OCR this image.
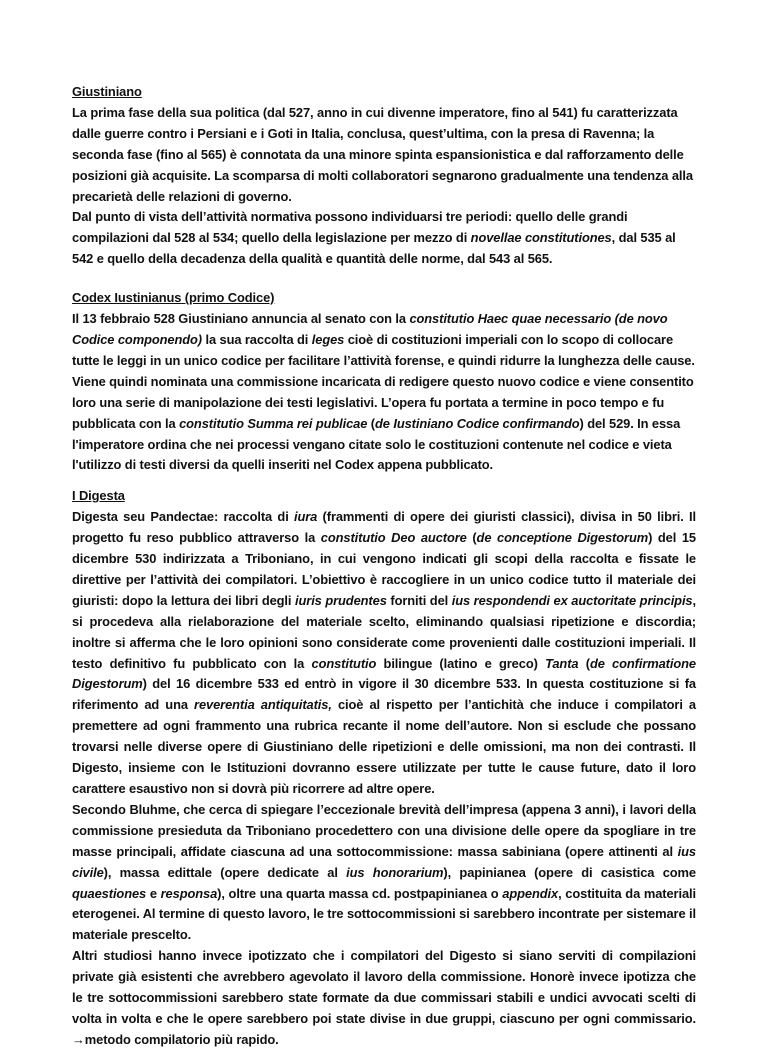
Giustiniano

La prima fase della sua politica (dal 527, anno in cui divenne imperatore, fino al 541) fu caratterizzata dalle guerre contro i Persiani e i Goti in Italia, conclusa, quest’ultima, con la presa di Ravenna; la seconda fase (fino al 565) è connotata da una minore spinta espansionistica e dal rafforzamento delle posizioni già acquisite. La scomparsa di molti collaboratori segnarono gradualmente una tendenza alla precarietà delle relazioni di governo.

Dal punto di vista dell’attività normativa possono individuarsi tre periodi: quello delle grandi compilazioni dal 528 al 534; quello della legislazione per mezzo di novellae constitutiones, dal 535 al 542 e quello della decadenza della qualità e quantità delle norme, dal 543 al 565.

Codex Iustinianus (primo Codice)

Il 13 febbraio 528 Giustiniano annuncia al senato con la constitutio Haec quae necessario (de novo Codice componendo) la sua raccolta di leges cioè di costituzioni imperiali con lo scopo di collocare tutte le leggi in un unico codice per facilitare l’attività forense, e quindi ridurre la lunghezza delle cause. Viene quindi nominata una commissione incaricata di redigere questo nuovo codice e viene consentito loro una serie di manipolazione dei testi legislativi. L’opera fu portata a termine in poco tempo e fu pubblicata con la constitutio Summa rei publicae (de Iustiniano Codice confirmando) del 529. In essa l'imperatore ordina che nei processi vengano citate solo le costituzioni contenute nel codice e vieta l'utilizzo di testi diversi da quelli inseriti nel Codex appena pubblicato.

I Digesta

Digesta seu Pandectae: raccolta di iura (frammenti di opere dei giuristi classici), divisa in 50 libri. Il progetto fu reso pubblico attraverso la constitutio Deo auctore (de conceptione Digestorum) del 15 dicembre 530 indirizzata a Triboniano, in cui vengono indicati gli scopi della raccolta e fissate le direttive per l’attività dei compilatori. L’obiettivo è raccogliere in un unico codice tutto il materiale dei giuristi: dopo la lettura dei libri degli iuris prudentes forniti del ius respondendi ex auctoritate principis, si procedeva alla rielaborazione del materiale scelto, eliminando qualsiasi ripetizione e discordia; inoltre si afferma che le loro opinioni sono considerate come provenienti dalle costituzioni imperiali. Il testo definitivo fu pubblicato con la constitutio bilingue (latino e greco) Tanta (de confirmatione Digestorum) del 16 dicembre 533 ed entrò in vigore il 30 dicembre 533. In questa costituzione si fa riferimento ad una reverentia antiquitatis, cioè al rispetto per l’antichità che induce i compilatori a premettere ad ogni frammento una rubrica recante il nome dell’autore. Non si esclude che possano trovarsi nelle diverse opere di Giustiniano delle ripetizioni e delle omissioni, ma non dei contrasti. Il Digesto, insieme con le Istituzioni dovranno essere utilizzate per tutte le cause future, dato il loro carattere esaustivo non si dovrà più ricorrere ad altre opere.

Secondo Bluhme, che cerca di spiegare l’eccezionale brevità dell’impresa (appena 3 anni), i lavori della commissione presieduta da Triboniano procedettero con una divisione delle opere da spogliare in tre masse principali, affidate ciascuna ad una sottocommissione: massa sabiniana (opere attinenti al ius civile), massa edittale (opere dedicate al ius honorarium), papinianea (opere di casistica come quaestiones e responsa), oltre una quarta massa cd. postpapinianea o appendix, costituita da materiali eterogenei. Al termine di questo lavoro, le tre sottocommissioni si sarebbero incontrate per sistemare il materiale prescelto.

Altri studiosi hanno invece ipotizzato che i compilatori del Digesto si siano serviti di compilazioni private già esistenti che avrebbero agevolato il lavoro della commissione. Honorè invece ipotizza che le tre sottocommissioni sarebbero state formate da due commissari stabili e undici avvocati scelti di volta in volta e che le opere sarebbero poi state divise in due gruppi, ciascuno per ogni commissario. →metodo compilatorio più rapido.
